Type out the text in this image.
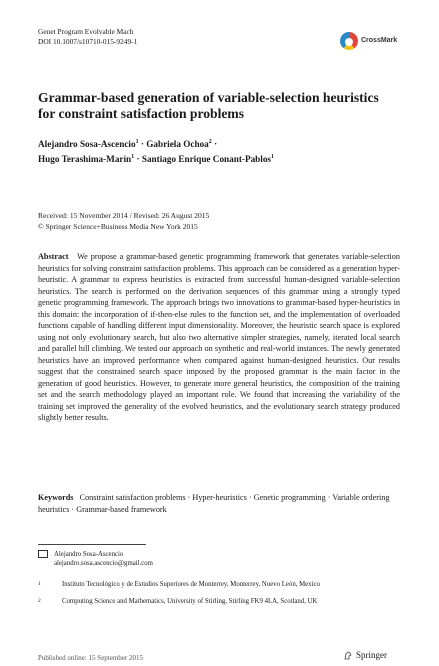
Genet Program Evolvable Mach
DOI 10.1007/s10710-015-9249-1	CrossMark
Grammar-based generation of variable-selection heuristics for constraint satisfaction problems
Alejandro Sosa-Ascencio$^1$ · Gabriela Ochoa$^2$ ·
Hugo Terashima-Marín$^1$ · Santiago Enrique Conant-Pablos$^1$
Received: 15 November 2014 / Revised: 26 August 2015
© Springer Science+Business Media New York 2015
Abstract We propose a grammar-based genetic programming framework that generates variable-selection heuristics for solving constraint satisfaction problems. This approach can be considered as a generation hyper-heuristic. A grammar to express heuristics is extracted from successful human-designed variable-selection heuristics. The search is performed on the derivation sequences of this grammar using a strongly typed genetic programming framework. The approach brings two innovations to grammar-based hyper-heuristics in this domain: the incorporation of if-then-else rules to the function set, and the implementation of overloaded functions capable of handling different input dimensionality. Moreover, the heuristic search space is explored using not only evolutionary search, but also two alternative simpler strategies, namely, iterated local search and parallel hill climbing. We tested our approach on synthetic and real-world instances. The newly generated heuristics have an improved performance when compared against human-designed heuristics. Our results suggest that the constrained search space imposed by the proposed grammar is the main factor in the generation of good heuristics. However, to generate more general heuristics, the composition of the training set and the search methodology played an important role. We found that increasing the variability of the training set improved the generality of the evolved heuristics, and the evolutionary search strategy produced slightly better results.
Keywords Constraint satisfaction problems · Hyper-heuristics · Genetic programming · Variable ordering heuristics · Grammar-based framework
Alejandro Sosa-Ascencio
alejandro.sosa.ascencio@gmail.com
1	Instituto Tecnológico y de Estudios Superiores de Monterrey, Monterrey, Nuevo León, Mexico
2	Computing Science and Mathematics, University of Stirling, Stirling FK9 4LA, Scotland, UK
Published online: 15 September 2015	Springer
